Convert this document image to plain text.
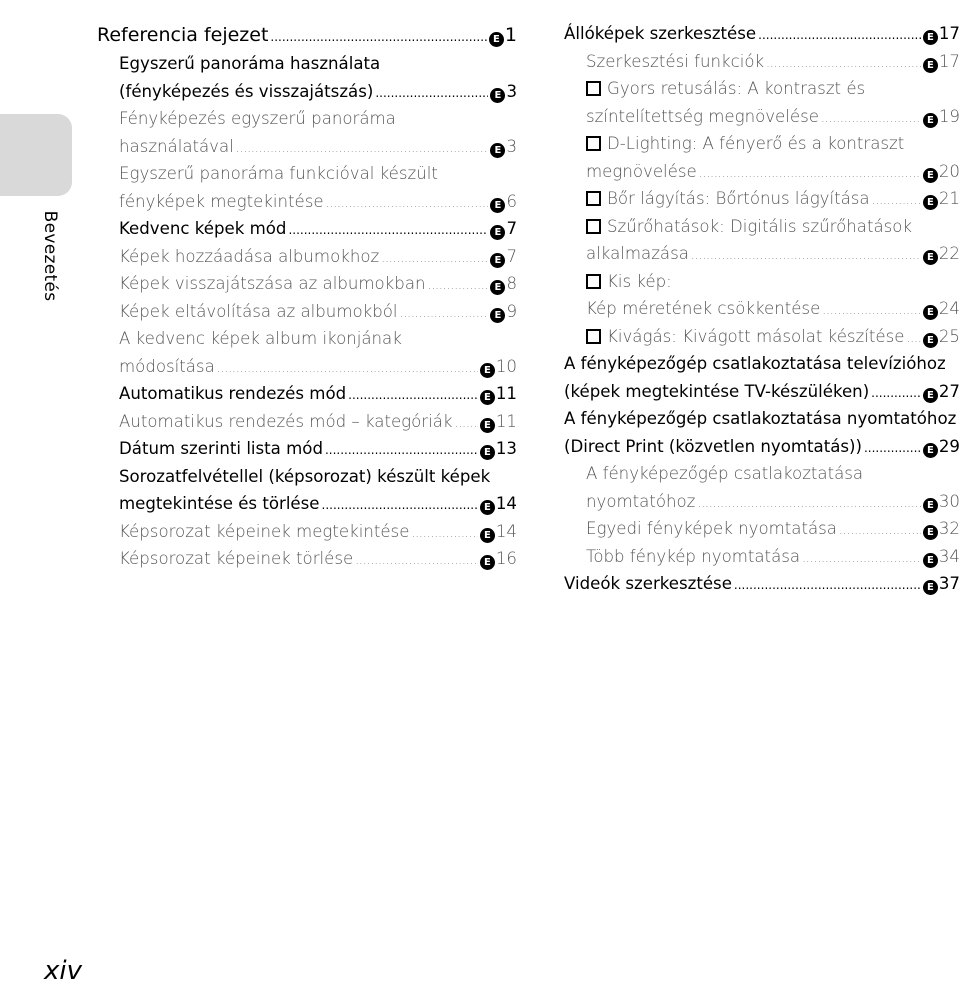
Bevezetés
Referencia fejezet .....	E 1
Egyszerű panoráma használata
(fényképezés és visszajátszás) .....	E 3
Fényképezés egyszerű panoráma
használatával .....	E 3
Egyszerű panoráma funkcióval készült
fényképek megtekintése .....	E 6
Kedvenc képek mód .....	E 7
Képek hozzáadása albumokhoz .....	E 7
Képek visszajátszása az albumokban .....	E 8
Képek eltávolítása az albumokból .....	E 9
A kedvenc képek album ikonjának
módosítása .....	E 10
Automatikus rendezés mód .....	E 11
Automatikus rendezés mód – kategóriák .....	E 11
Dátum szerinti lista mód .....	E 13
Sorozatfelvétellel (képsorozat) készült képek
megtekintése és törlése .....	E 14
Képsorozat képeinek megtekintése .....	E 14
Képsorozat képeinek törlése .....	E 16
Állóképek szerkesztése .....	E 17
Szerkesztési funkciók .....	E 17
Gyors retusálás: A kontraszt és
színtelítettség megnövelése .....	E 19
D-Lighting: A fényerő és a kontraszt
megnövelése .....	E 20
Bőr lágyítás: Bőrtónus lágyítása .....	E 21
Szűrőhatások: Digitális szűrőhatások
alkalmazása .....	E 22
Kis kép:
Kép méretének csökkentése .....	E 24
Kivágás: Kivágott másolat készítése .....	E 25
A fényképezőgép csatlakoztatása televízióhoz
(képek megtekintése TV-készüléken) .....	E 27
A fényképezőgép csatlakoztatása nyomtatóhoz
(Direct Print (közvetlen nyomtatás)) .....	E 29
A fényképezőgép csatlakoztatása
nyomtatóhoz .....	E 30
Egyedi fényképek nyomtatása .....	E 32
Több fénykép nyomtatása .....	E 34
Videók szerkesztése .....	E 37
xiv
